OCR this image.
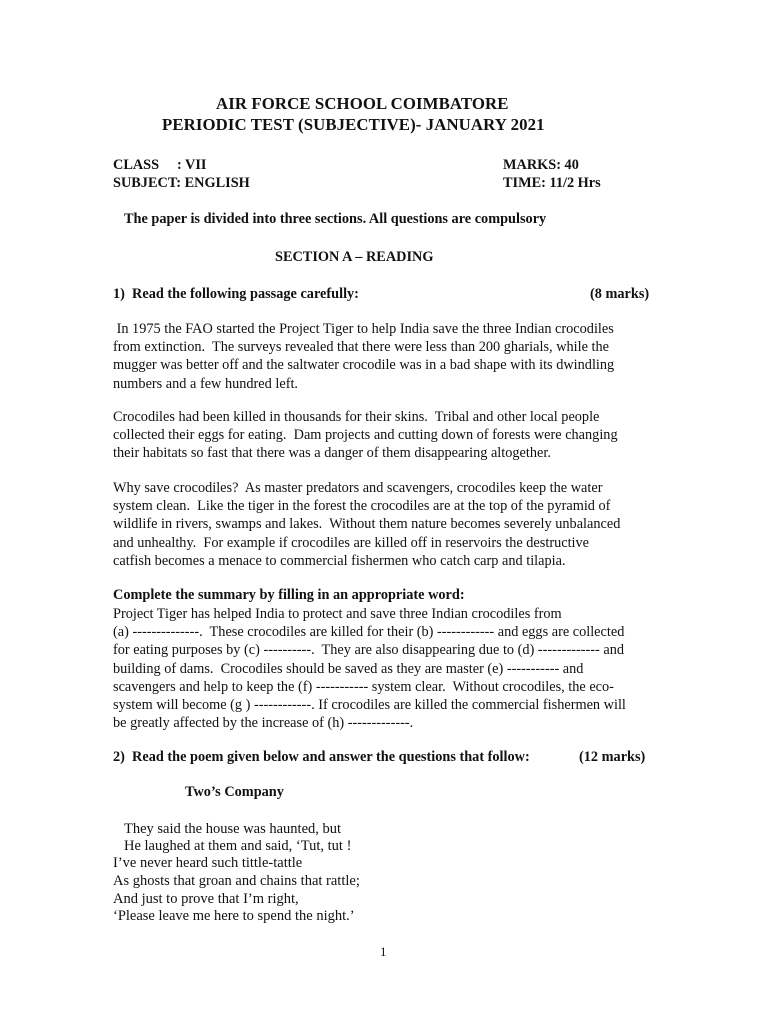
AIR FORCE SCHOOL COIMBATORE
PERIODIC TEST (SUBJECTIVE)- JANUARY 2021
CLASS     : VII	MARKS: 40
SUBJECT: ENGLISH	TIME: 11/2 Hrs
The paper is divided into three sections. All questions are compulsory
SECTION A – READING
1)  Read the following passage carefully:	(8 marks)
In 1975 the FAO started the Project Tiger to help India save the three Indian crocodiles
from extinction.  The surveys revealed that there were less than 200 gharials, while the
mugger was better off and the saltwater crocodile was in a bad shape with its dwindling
numbers and a few hundred left.
Crocodiles had been killed in thousands for their skins.  Tribal and other local people
collected their eggs for eating.  Dam projects and cutting down of forests were changing
their habitats so fast that there was a danger of them disappearing altogether.
Why save crocodiles?  As master predators and scavengers, crocodiles keep the water
system clean.  Like the tiger in the forest the crocodiles are at the top of the pyramid of
wildlife in rivers, swamps and lakes.  Without them nature becomes severely unbalanced
and unhealthy.  For example if crocodiles are killed off in reservoirs the destructive
catfish becomes a menace to commercial fishermen who catch carp and tilapia.
Complete the summary by filling in an appropriate word:
Project Tiger has helped India to protect and save three Indian crocodiles from
(a) --------------.  These crocodiles are killed for their (b) ------------ and eggs are collected
for eating purposes by (c) ----------.  They are also disappearing due to (d) ------------- and
building of dams.  Crocodiles should be saved as they are master (e) ----------- and
scavengers and help to keep the (f) ----------- system clear.  Without crocodiles, the eco-
system will become (g ) ------------. If crocodiles are killed the commercial fishermen will
be greatly affected by the increase of (h) -------------.
2)  Read the poem given below and answer the questions that follow:	(12 marks)
Two’s Company
They said the house was haunted, but
He laughed at them and said, ‘Tut, tut !
I’ve never heard such tittle-tattle
As ghosts that groan and chains that rattle;
And just to prove that I’m right,
‘Please leave me here to spend the night.’
1
